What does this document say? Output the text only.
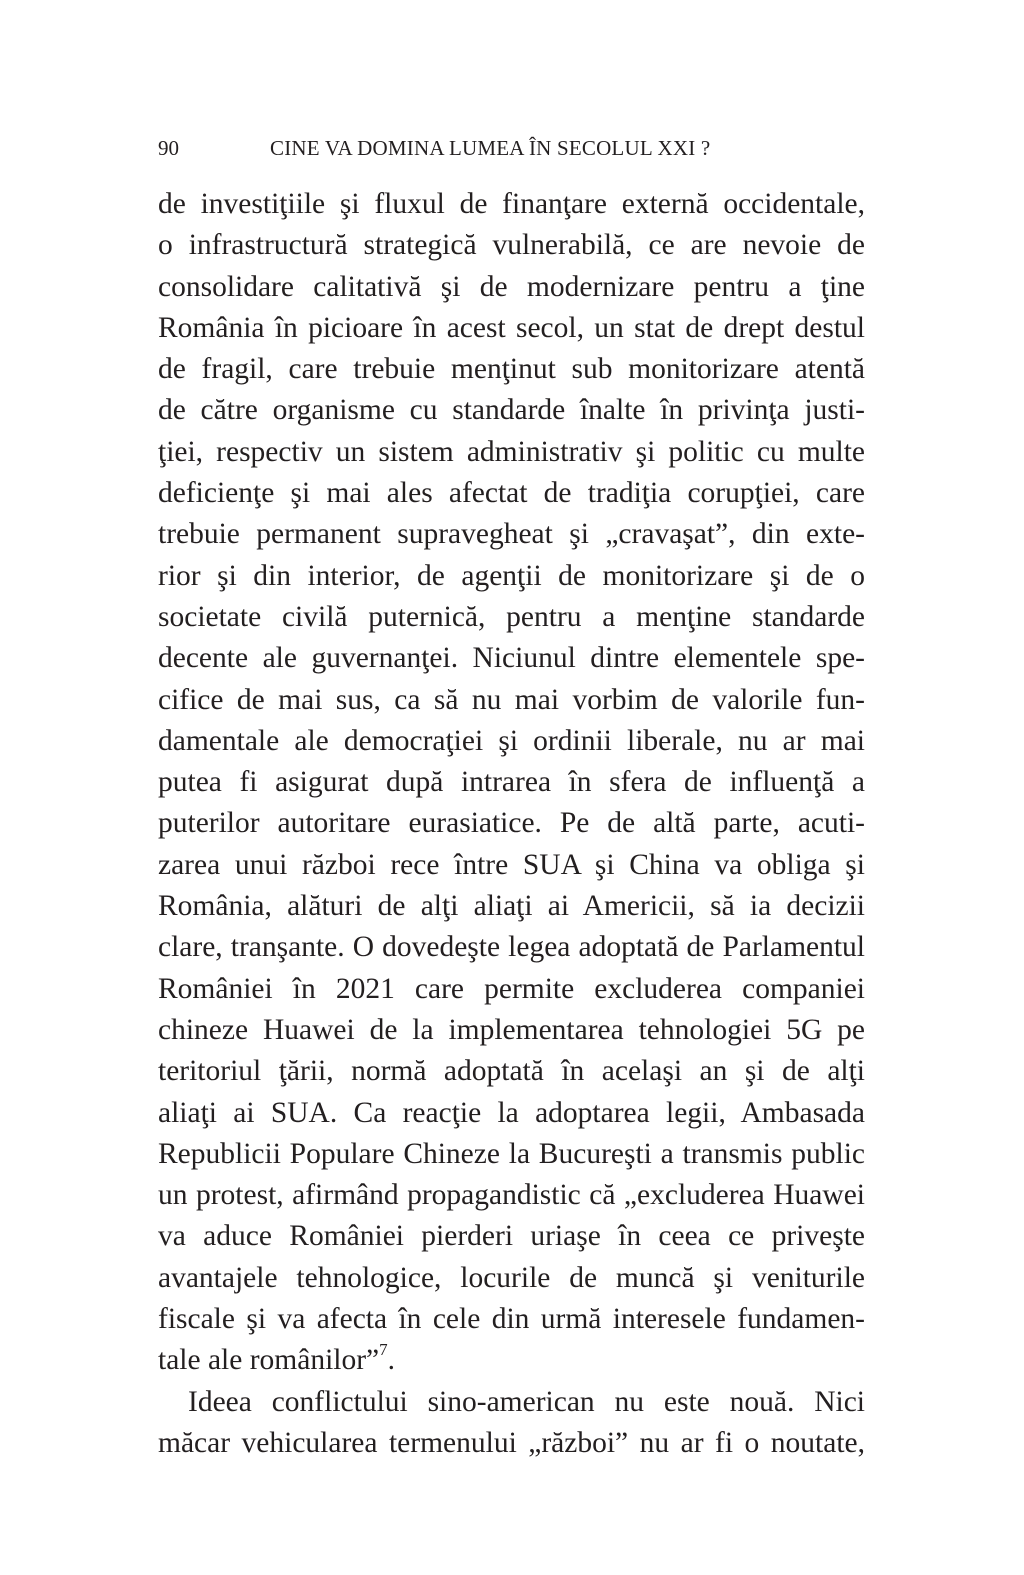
90	CINE VA DOMINA LUMEA ÎN SECOLUL XXI ?
de investiţiile şi fluxul de finanţare externă occidentale,
o infrastructură strategică vulnerabilă, ce are nevoie de
consolidare calitativă şi de modernizare pentru a ţine
România în picioare în acest secol, un stat de drept destul
de fragil, care trebuie menţinut sub monitorizare atentă
de către organisme cu standarde înalte în privinţa justi-
ţiei, respectiv un sistem administrativ şi politic cu multe
deficienţe şi mai ales afectat de tradiţia corupţiei, care
trebuie permanent supravegheat şi „cravaşat”, din exte-
rior şi din interior, de agenţii de monitorizare şi de o
societate civilă puternică, pentru a menţine standarde
decente ale guvernanţei. Niciunul dintre elementele spe-
cifice de mai sus, ca să nu mai vorbim de valorile fun-
damentale ale democraţiei şi ordinii liberale, nu ar mai
putea fi asigurat după intrarea în sfera de influenţă a
puterilor autoritare eurasiatice. Pe de altă parte, acuti-
zarea unui război rece între SUA şi China va obliga şi
România, alături de alţi aliaţi ai Americii, să ia decizii
clare, tranşante. O dovedeşte legea adoptată de Parlamentul
României în 2021 care permite excluderea companiei
chineze Huawei de la implementarea tehnologiei 5G pe
teritoriul ţării, normă adoptată în acelaşi an şi de alţi
aliaţi ai SUA. Ca reacţie la adoptarea legii, Ambasada
Republicii Populare Chineze la Bucureşti a transmis public
un protest, afirmând propagandistic că „excluderea Huawei
va aduce României pierderi uriaşe în ceea ce priveşte
avantajele tehnologice, locurile de muncă şi veniturile
fiscale şi va afecta în cele din urmă interesele fundamen-
tale ale românilor”$^7$.
Ideea conflictului sino-american nu este nouă. Nici
măcar vehicularea termenului „război” nu ar fi o noutate,
